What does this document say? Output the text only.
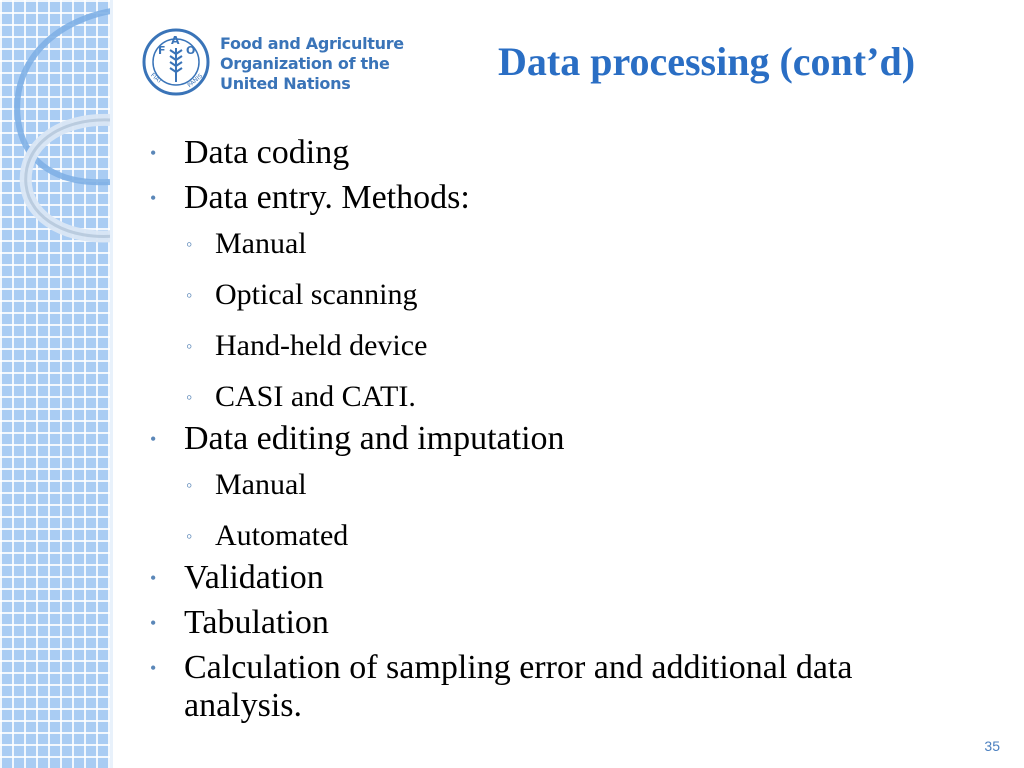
F
A
O
FIAT	PANIS
Food and Agriculture
Organization of the
United Nations	Data processing (cont’d)
• Data coding
• Data entry. Methods:
◦ Manual
◦ Optical scanning
◦ Hand-held device
◦ CASI and CATI.
• Data editing and imputation
◦ Manual
◦ Automated
• Validation
• Tabulation
• Calculation of sampling error and additional data analysis.
35
